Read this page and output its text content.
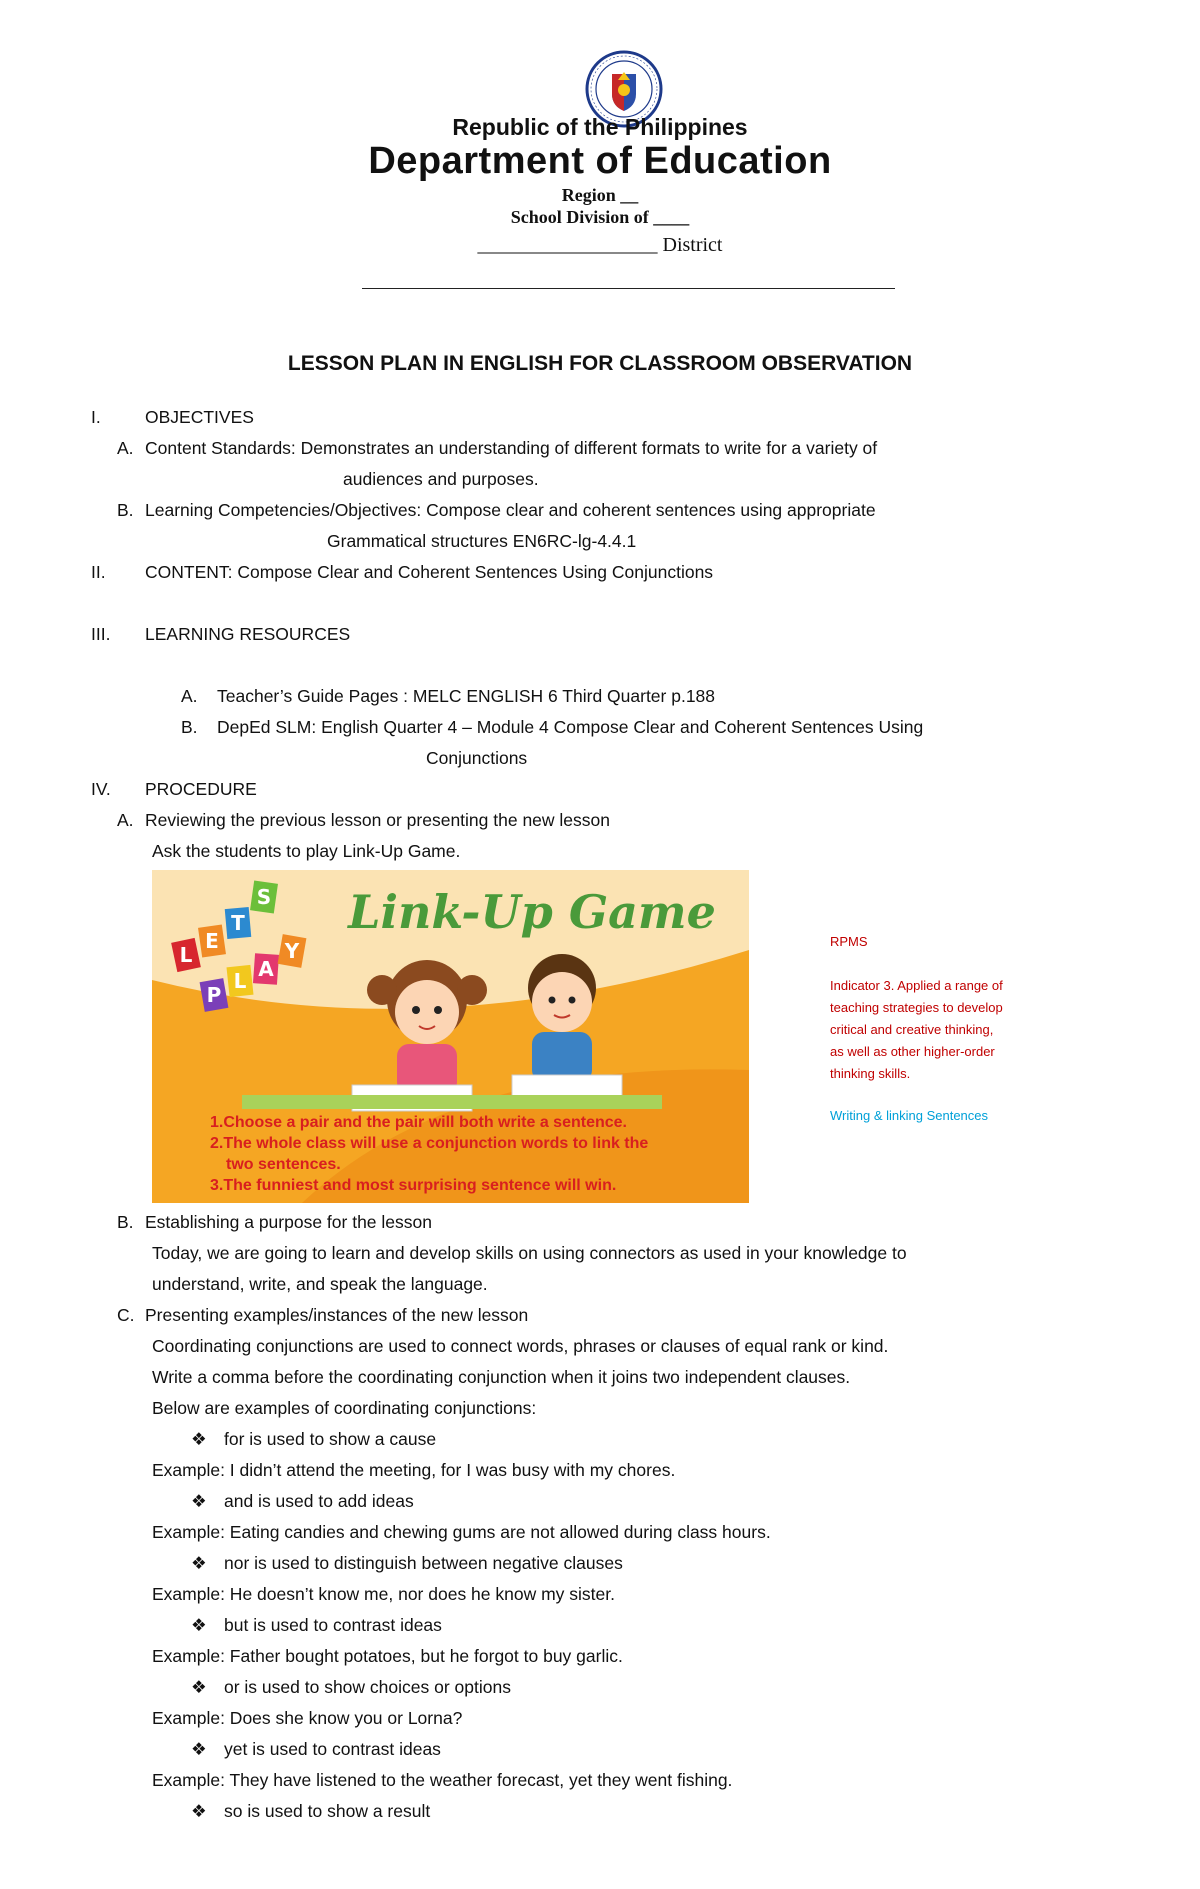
Republic of the Philippines
Department of Education
Region __
School Division of ____
__________________ District
LESSON PLAN IN ENGLISH FOR CLASSROOM OBSERVATION
I.	OBJECTIVES
A. Content Standards: Demonstrates an understanding of different formats to write for a variety of
audiences and purposes.
B. Learning Competencies/Objectives: Compose clear and coherent sentences using appropriate
Grammatical structures EN6RC-lg-4.4.1
II. CONTENT: Compose Clear and Coherent Sentences Using Conjunctions
III. LEARNING RESOURCES
A. Teacher’s Guide Pages : MELC ENGLISH 6 Third Quarter p.188
B. DepEd SLM: English Quarter 4 – Module 4 Compose Clear and Coherent Sentences Using
Conjunctions
IV. PROCEDURE
A. Reviewing the previous lesson or presenting the new lesson
Ask the students to play Link-Up Game.
L
E
T
S
P
L A
Y
Link-Up Game
1.Choose a pair and the pair will both write a sentence.
2.The whole class will use a conjunction words to link the
two sentences.
3.The funniest and most surprising sentence will win.
RPMS
Indicator 3. Applied a range of
teaching strategies to develop
critical and creative thinking,
as well as other higher-order
thinking skills.
Writing & linking Sentences
B. Establishing a purpose for the lesson
Today, we are going to learn and develop skills on using connectors as used in your knowledge to
understand, write, and speak the language.
C. Presenting examples/instances of the new lesson
Coordinating conjunctions are used to connect words, phrases or clauses of equal rank or kind.
Write a comma before the coordinating conjunction when it joins two independent clauses.
Below are examples of coordinating conjunctions:
❖ for is used to show a cause
Example: I didn’t attend the meeting, for I was busy with my chores.
❖ and is used to add ideas
Example: Eating candies and chewing gums are not allowed during class hours.
❖ nor is used to distinguish between negative clauses
Example: He doesn’t know me, nor does he know my sister.
❖ but is used to contrast ideas
Example: Father bought potatoes, but he forgot to buy garlic.
❖ or is used to show choices or options
Example: Does she know you or Lorna?
❖ yet is used to contrast ideas
Example: They have listened to the weather forecast, yet they went fishing.
❖ so is used to show a result
